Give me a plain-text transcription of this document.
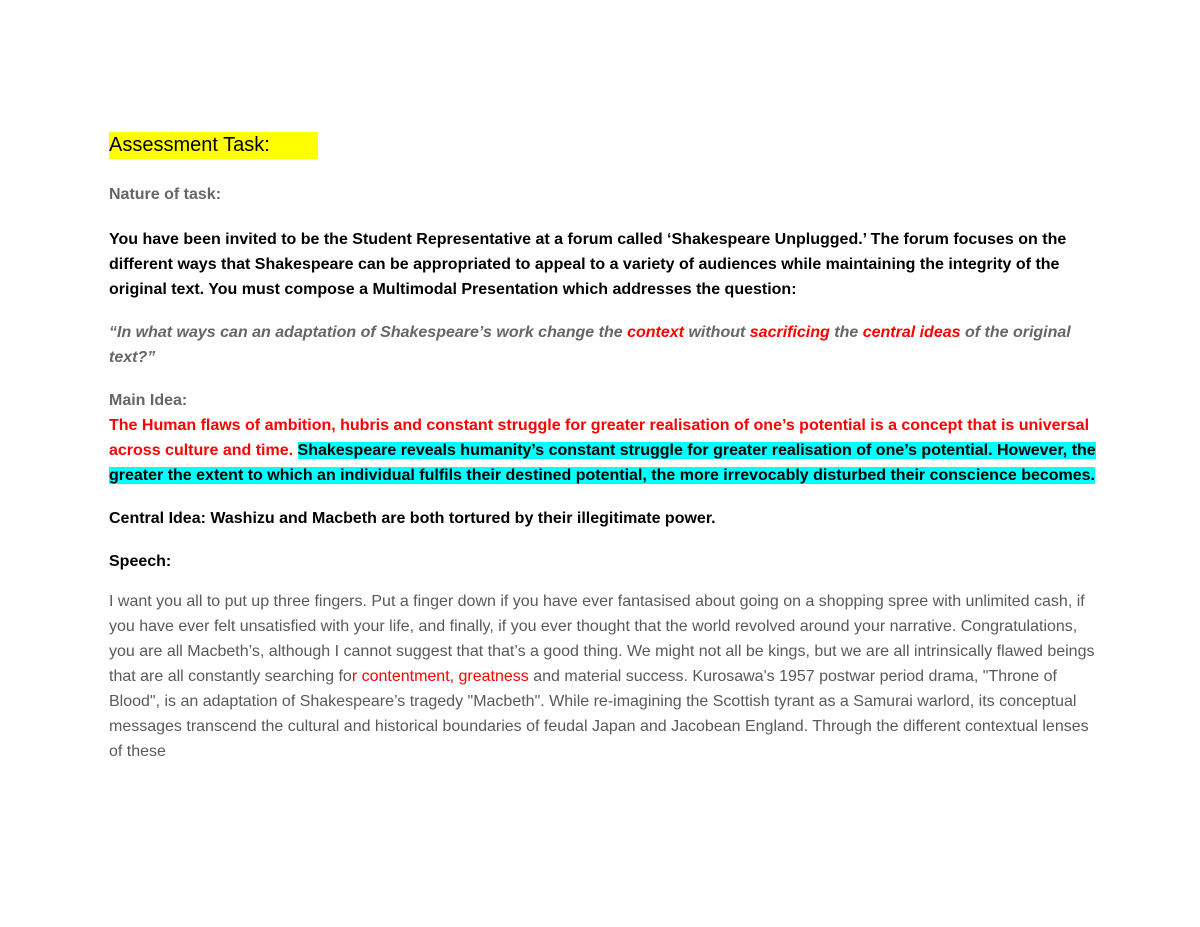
Assessment Task:

Nature of task:

You have been invited to be the Student Representative at a forum called ‘Shakespeare Unplugged.’ The forum focuses on the different ways that Shakespeare can be appropriated to appeal to a variety of audiences while maintaining the integrity of the original text. You must compose a Multimodal Presentation which addresses the question:

“In what ways can an adaptation of Shakespeare’s work change the context without sacrificing the central ideas of the original text?”

Main Idea:

The Human flaws of ambition, hubris and constant struggle for greater realisation of one’s potential is a concept that is universal across culture and time. Shakespeare reveals humanity’s constant struggle for greater realisation of one’s potential. However, the greater the extent to which an individual fulfils their destined potential, the more irrevocably disturbed their conscience becomes.

Central Idea: Washizu and Macbeth are both tortured by their illegitimate power.

Speech:

I want you all to put up three fingers. Put a finger down if you have ever fantasised about going on a shopping spree with unlimited cash, if you have ever felt unsatisfied with your life, and finally, if you ever thought that the world revolved around your narrative. Congratulations, you are all Macbeth’s, although I cannot suggest that that’s a good thing. We might not all be kings, but we are all intrinsically flawed beings that are all constantly searching for contentment, greatness and material success. Kurosawa's 1957 postwar period drama, "Throne of Blood", is an adaptation of Shakespeare’s tragedy "Macbeth". While re-imagining the Scottish tyrant as a Samurai warlord, its conceptual messages transcend the cultural and historical boundaries of feudal Japan and Jacobean England. Through the different contextual lenses of these
